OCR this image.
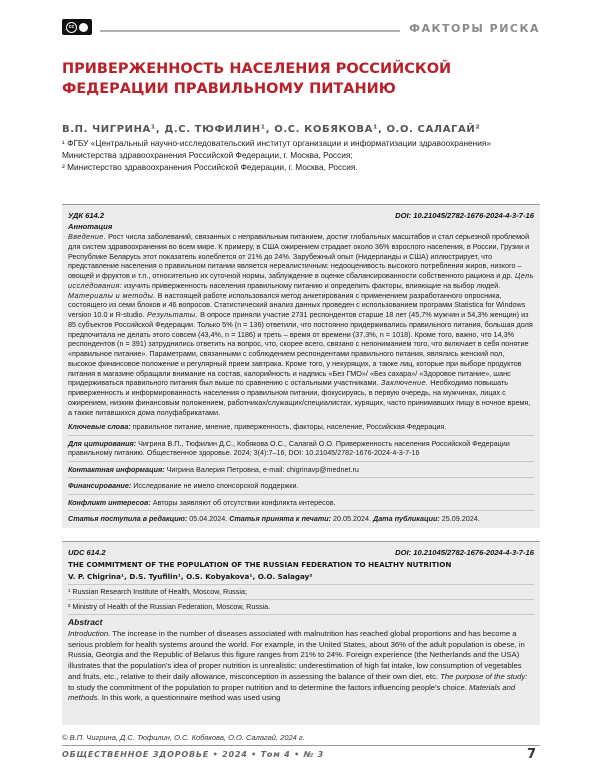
cc	ФАКТОРЫ РИСКА
ПРИВЕРЖЕННОСТЬ НАСЕЛЕНИЯ РОССИЙСКОЙ ФЕДЕРАЦИИ ПРАВИЛЬНОМУ ПИТАНИЮ
В.П. ЧИГРИНА¹, Д.С. ТЮФИЛИН¹, О.С. КОБЯКОВА¹, О.О. САЛАГАЙ²
¹ ФГБУ «Центральный научно-исследовательский институт организации и информатизации здравоохранения» Министерства здравоохранения Российской Федерации, г. Москва, Россия;
² Министерство здравоохранения Российской Федерации, г. Москва, Россия.
УДК 614.2	DOI: 10.21045/2782-1676-2024-4-3-7-16
Аннотация
Введение. Рост числа заболеваний, связанных с неправильным питанием, достиг глобальных масштабов и стал серьезной проблемой для систем здравоохранения во всем мире. К примеру, в США ожирением страдает около 36% взрослого населения, в России, Грузии и Республике Беларусь этот показатель колеблется от 21% до 24%. Зарубежный опыт (Нидерланды и США) иллюстрирует, что представление населения о правильном питании является нереалистичным: недооценивость высокого потребления жиров, низкого – овощей и фруктов и т.п., относительно их суточной нормы, заблуждение в оценке сбалансированности собственного рациона и др. Цель исследования: изучить приверженность населения правильному питанию и определить факторы, влияющие на выбор людей. Материалы и методы. В настоящей работе использовался метод анкетирования с применением разработанного опросника, состоящего из семи блоков и 46 вопросов. Статистический анализ данных проведен с использованием программ Statistica for Windows version 10.0 и R-studio. Результаты. В опросе приняли участие 2731 респондентов старше 18 лет (45,7% мужчин и 54,3% женщин) из 85 субъектов Российской Федерации. Только 5% (n = 136) ответили, что постоянно придерживались правильного питания, большая доля предпочитала не делать этого совсем (43,4%, n = 1186) и треть – время от времени (37,3%, n = 1018). Кроме того, важно, что 14,3% респондентов (n = 391) затруднились ответить на вопрос, что, скорее всего, связано с непониманием того, что включает в себя понятие «правильное питание». Параметрами, связанными с соблюдением респондентами правильного питания, являлись женский пол, высокое финансовое положение и регулярный прием завтрака. Кроме того, у некурящих, а также лиц, которые при выборе продуктов питания в магазине обращали внимание на состав, калорийность и надпись «Без ГМО»/ «Без сахара»/ «Здоровое питание», шанс придерживаться правильного питания был выше по сравнению с остальными участниками. Заключение. Необходимо повышать приверженность и информированность населения о правильном питании, фокусируясь, в первую очередь, на мужчинах, лицах с ожирением, низким финансовым положением, работниках/служащих/специалистах, курящих, часто принимавших пищу в ночное время, а также питавшихся дома полуфабрикатами.
Ключевые слова: правильное питание, мнение, приверженность, факторы, население, Российская Федерация.
Для цитирования: Чигрина В.П., Тюфилин Д.С., Кобякова О.С., Салагай О.О. Приверженность населения Российской Федерации правильному питанию. Общественное здоровье. 2024; 3(4):7–16, DOI: 10.21045/2782-1676-2024-4-3-7-16
Контактная информация: Чигрина Валерия Петровна, e-mail: chigrinavp@mednet.ru
Финансирование: Исследование не имело спонсорской поддержки.
Конфликт интересов: Авторы заявляют об отсутствии конфликта интересов.
Статья поступила в редакцию: 05.04.2024. Статья принята к печати: 20.05.2024. Дата публикации: 25.09.2024.
UDC 614.2	DOI: 10.21045/2782-1676-2024-4-3-7-16
THE COMMITMENT OF THE POPULATION OF THE RUSSIAN FEDERATION TO HEALTHY NUTRITION
V. P. Chigrina¹, D.S. Tyufilin¹, O.S. Kobyakova¹, O.O. Salagay²
¹ Russian Research Institute of Health, Moscow, Russia;
² Ministry of Health of the Russian Federation, Moscow, Russia.
Abstract
Introduction. The increase in the number of diseases associated with malnutrition has reached global proportions and has become a serious problem for health systems around the world. For example, in the United States, about 36% of the adult population is obese, in Russia, Georgia and the Republic of Belarus this figure ranges from 21% to 24%. Foreign experience (the Netherlands and the USA) illustrates that the population's idea of proper nutrition is unrealistic: underestimation of high fat intake, low consumption of vegetables and fruits, etc., relative to their daily allowance, misconception in assessing the balance of their own diet, etc. The purpose of the study: to study the commitment of the population to proper nutrition and to determine the factors influencing people's choice. Materials and methods. In this work, a questionnaire method was used using
© В.П. Чигрина, Д.С. Тюфилин, О.С. Кобякова, О.О. Салагай, 2024 г.
ОБЩЕСТВЕННОЕ ЗДОРОВЬЕ • 2024 • Том 4 • № 3	7
